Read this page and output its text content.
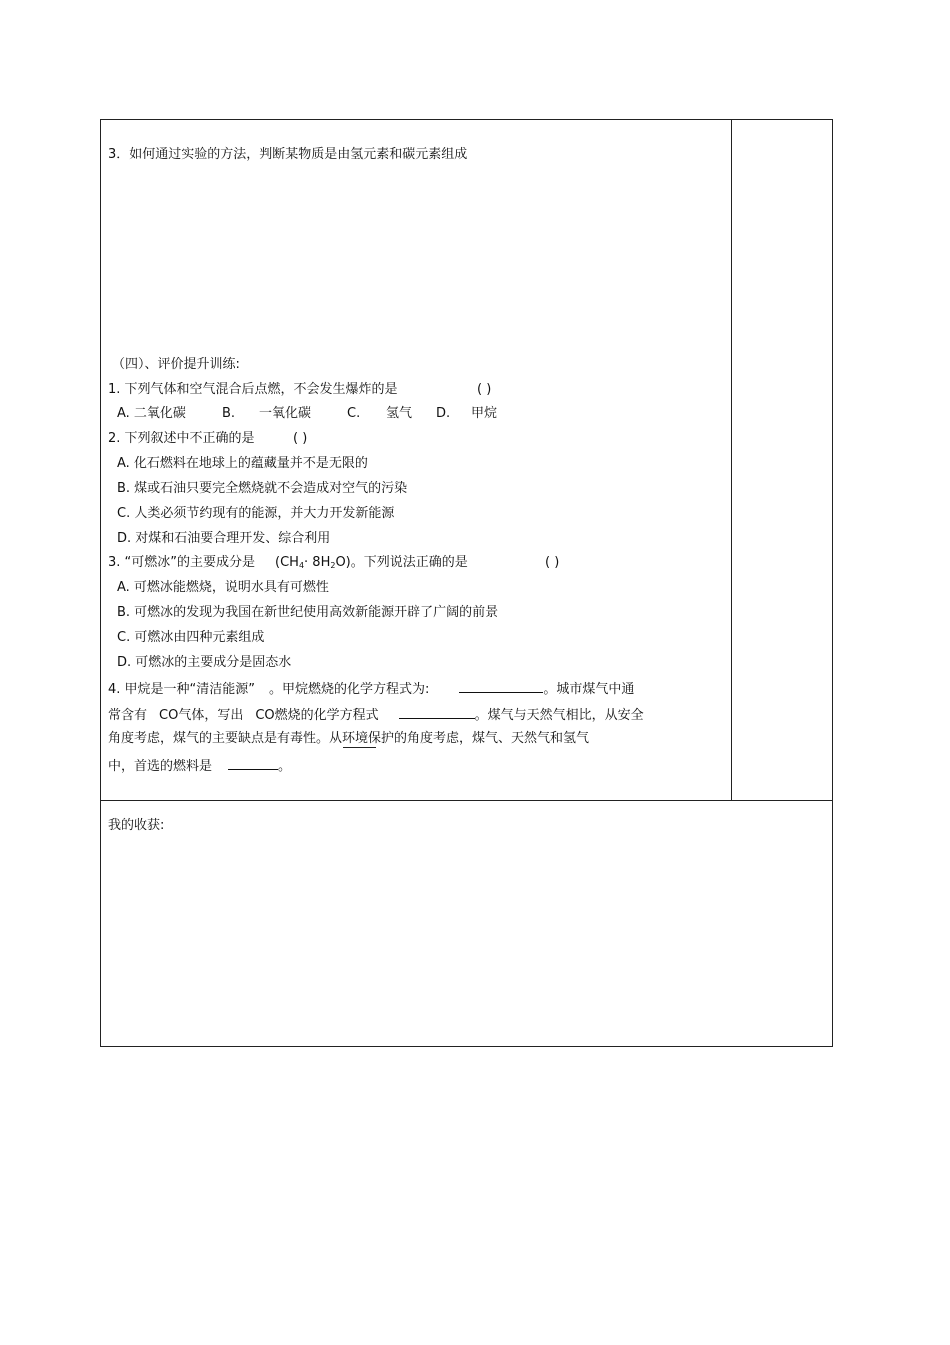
3．如何通过实验的方法，判断某物质是由氢元素和碳元素组成
（四）、评价提升训练:
1. 下列气体和空气混合后点燃，不会发生爆炸的是	( )
A. 二氧化碳	B. 一氧化碳	C. 氢气 D. 甲烷
2. 下列叙述中不正确的是	( )
A. 化石燃料在地球上的蕴藏量并不是无限的
B. 煤或石油只要完全燃烧就不会造成对空气的污染
C. 人类必须节约现有的能源，并大力开发新能源
D. 对煤和石油要合理开发、综合利用
3. “可燃冰”的主要成分是 $(CH_4\cdot 8H_2O)$。下列说法正确的是	( )
A. 可燃冰能燃烧，说明水具有可燃性
B. 可燃冰的发现为我国在新世纪使用高效新能源开辟了广阔的前景
C. 可燃冰由四种元素组成
D. 可燃冰的主要成分是固态水
4. 甲烷是一种“清洁能源” 。甲烷燃烧的化学方程式为:	。城市煤气中通
常含有 CO气体，写出 CO燃烧的化学方程式	。煤气与天然气相比，从安全
角度考虑，煤气的主要缺点是有毒性。从环境保护的角度考虑，煤气、天然气和氢气
中，首选的燃料是	。
我的收获:
